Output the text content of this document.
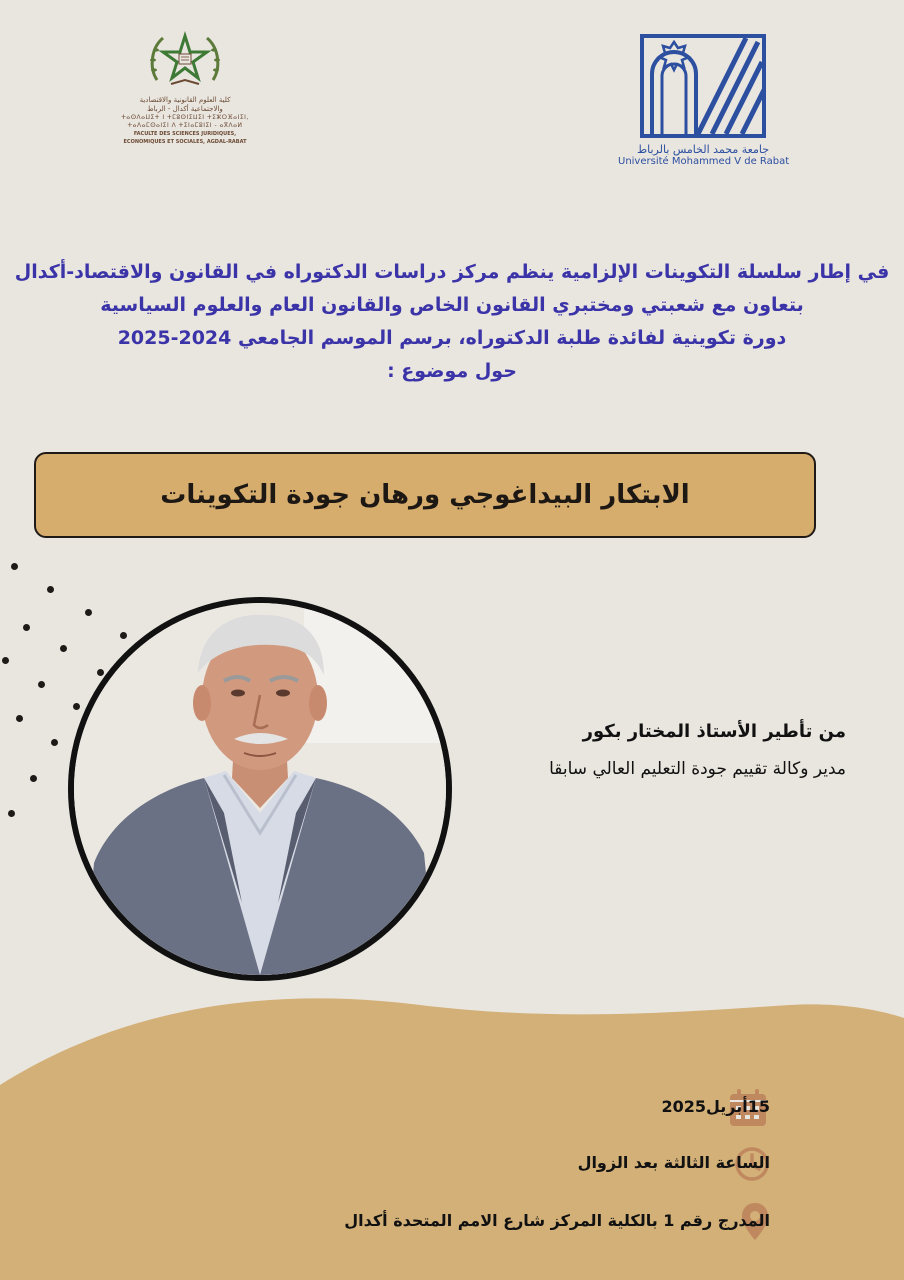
كلية العلوم القانونية والاقتصادية
والاجتماعية أكدال - الرباط
ⵜⴰⵙⴷⴰⵡⵉⵜ ⵏ ⵜⵎⵓⵙⵏⵉⵡⵉⵏ ⵜⵉⵣⵔⴼⴰⵏⵉⵏ,
ⵜⴰⴷⴰⵎⵙⴰⵏⵉⵏ ⴷ ⵜⵉⵏⴰⵎⵓⵏⵉⵏ - ⴰⴳⴷⴰⵍ
FACULTE DES SCIENCES JURIDIQUES,
ECONOMIQUES ET SOCIALES, AGDAL-RABAT
جامعة محمد الخامس بالرباط
Université Mohammed V de Rabat
في إطار سلسلة التكوينات الإلزامية ينظم مركز دراسات الدكتوراه في القانون والاقتصاد-أكدال
بتعاون مع شعبتي ومختبري القانون الخاص والقانون العام والعلوم السياسية
دورة تكوينية لفائدة طلبة الدكتوراه، برسم الموسم الجامعي 2024-2025
حول موضوع :
الابتكار البيداغوجي ورهان جودة التكوينات
من تأطير الأستاذ المختار بكور
مدير وكالة تقييم جودة التعليم العالي سابقا
15أبريل2025
الساعة الثالثة بعد الزوال
المدرج رقم 1 بالكلية المركز شارع الامم المتحدة أكدال
